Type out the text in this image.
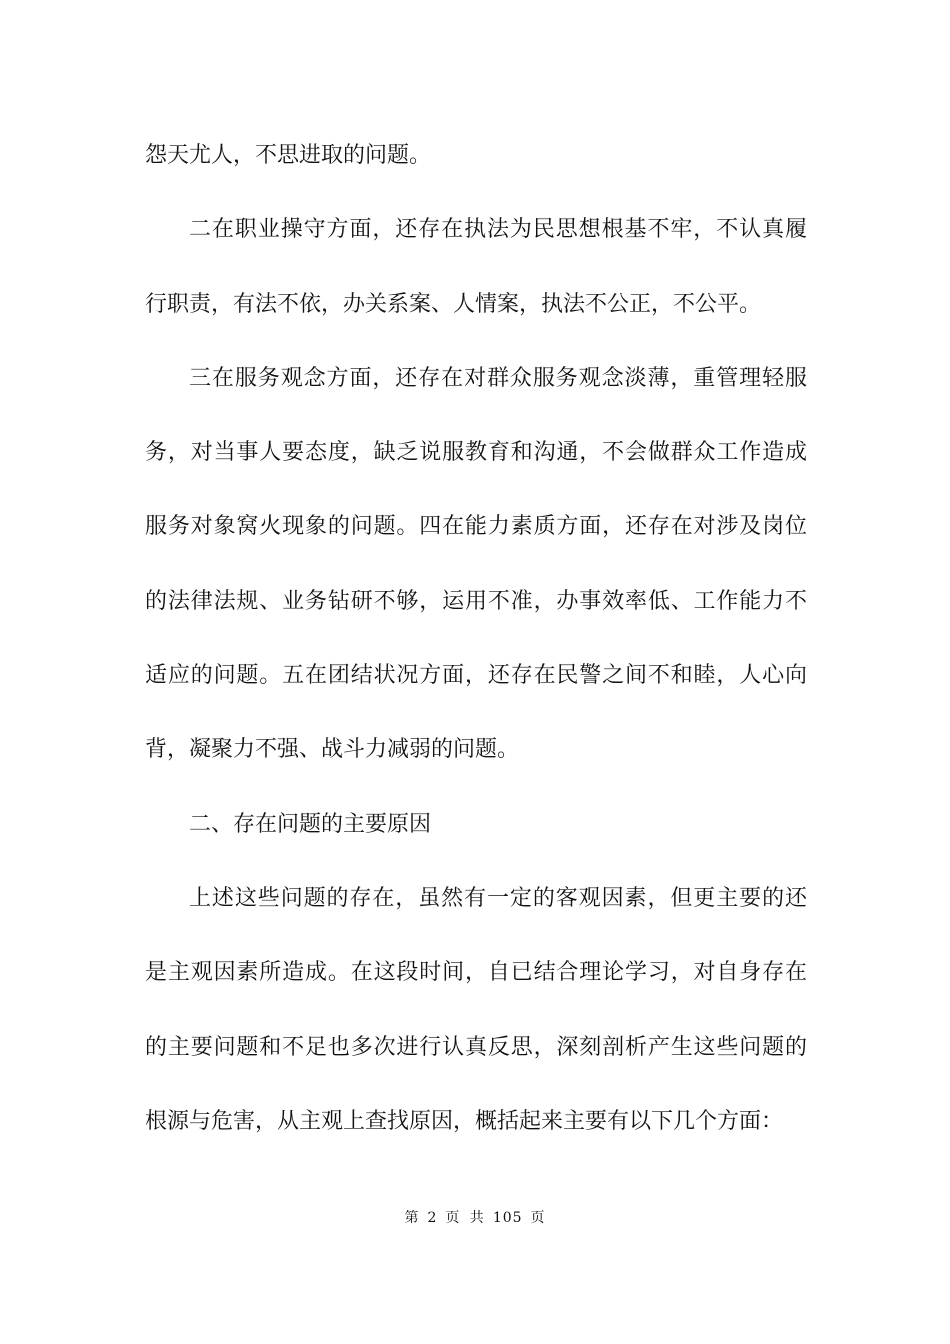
怨天尤人，不思进取的问题。
二在职业操守方面，还存在执法为民思想根基不牢，不认真履
行职责，有法不依，办关系案、人情案，执法不公正，不公平。
三在服务观念方面，还存在对群众服务观念淡薄，重管理轻服
务，对当事人要态度，缺乏说服教育和沟通，不会做群众工作造成
服务对象窝火现象的问题。四在能力素质方面，还存在对涉及岗位
的法律法规、业务钻研不够，运用不准，办事效率低、工作能力不
适应的问题。五在团结状况方面，还存在民警之间不和睦，人心向
背，凝聚力不强、战斗力减弱的问题。
二、存在问题的主要原因
上述这些问题的存在，虽然有一定的客观因素，但更主要的还
是主观因素所造成。在这段时间，自已结合理论学习，对自身存在
的主要问题和不足也多次进行认真反思，深刻剖析产生这些问题的
根源与危害，从主观上查找原因，概括起来主要有以下几个方面：
第 2 页 共 105 页
